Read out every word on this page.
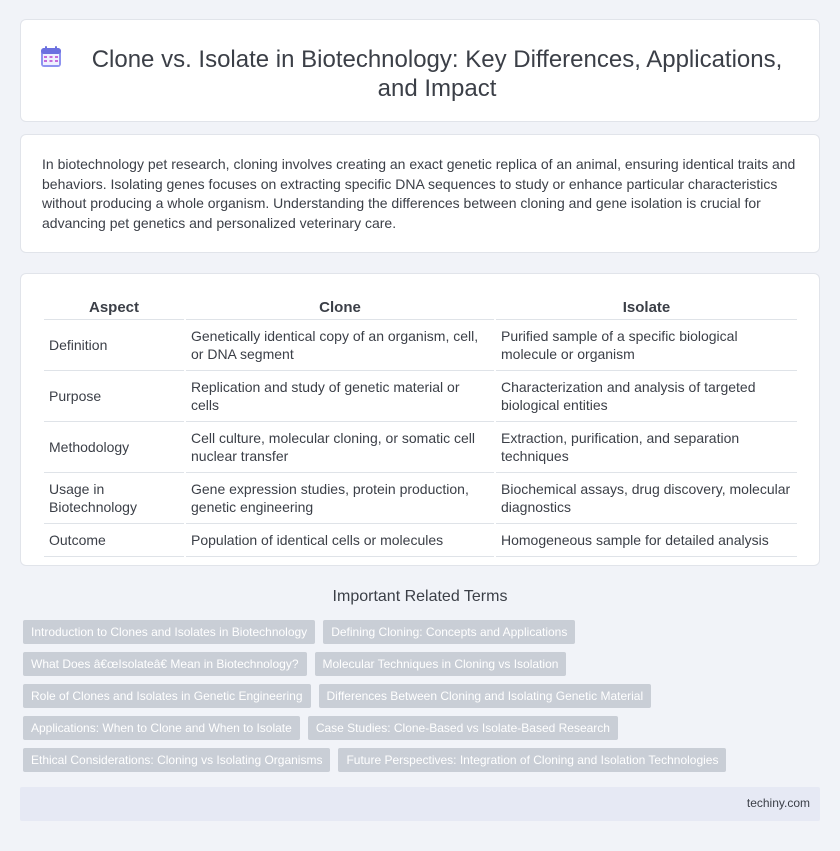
Clone vs. Isolate in Biotechnology: Key Differences, Applications, and Impact

In biotechnology pet research, cloning involves creating an exact genetic replica of an animal, ensuring identical traits and behaviors. Isolating genes focuses on extracting specific DNA sequences to study or enhance particular characteristics without producing a whole organism. Understanding the differences between cloning and gene isolation is crucial for advancing pet genetics and personalized veterinary care.

Aspect	Clone	Isolate
Definition	Genetically identical copy of an organism, cell, or DNA segment	Purified sample of a specific biological molecule or organism
Purpose	Replication and study of genetic material or cells	Characterization and analysis of targeted biological entities
Methodology	Cell culture, molecular cloning, or somatic cell nuclear transfer	Extraction, purification, and separation techniques
Usage in Biotechnology	Gene expression studies, protein production, genetic engineering	Biochemical assays, drug discovery, molecular diagnostics
Outcome	Population of identical cells or molecules	Homogeneous sample for detailed analysis
Important Related Terms
Introduction to Clones and Isolates in Biotechnology	Defining Cloning: Concepts and Applications
What Does â€œIsolateâ€ Mean in Biotechnology?	Molecular Techniques in Cloning vs Isolation
Role of Clones and Isolates in Genetic Engineering	Differences Between Cloning and Isolating Genetic Material
Applications: When to Clone and When to Isolate	Case Studies: Clone-Based vs Isolate-Based Research
Ethical Considerations: Cloning vs Isolating Organisms	Future Perspectives: Integration of Cloning and Isolation Technologies
techiny.com
